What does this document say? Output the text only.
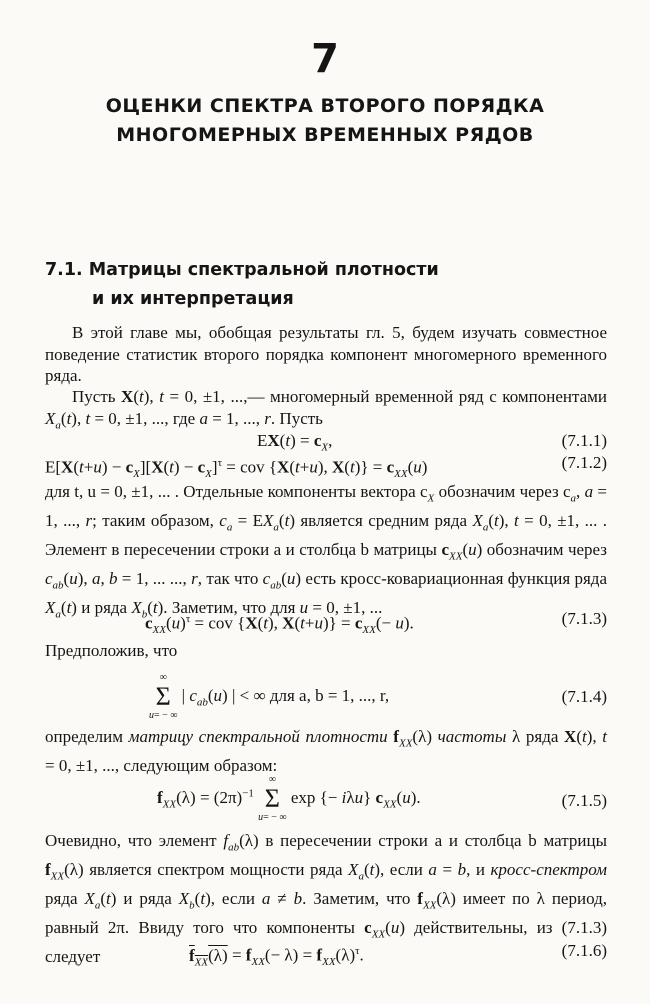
7
ОЦЕНКИ СПЕКТРА ВТОРОГО ПОРЯДКА
МНОГОМЕРНЫХ ВРЕМЕННЫХ РЯДОВ
7.1. Матрицы спектральной плотности
и их интерпретация
В этой главе мы, обобщая результаты гл. 5, будем изучать совместное поведение статистик второго порядка компонент многомерного временного ряда.
Пусть X(t), t = 0, ±1, ...,— многомерный временной ряд с компонентами $X_a(t)$, t = 0, ±1, ..., где a = 1, ..., r. Пусть
$EX(t) = c_X$,	(7.1.1)
$E[X(t+u) - c_X][X(t) - c_X]^\tau$ = cov {X(t+u), $X(t)\} = c_{XX}(u)$	(7.1.2)
для t, u = 0, ±1, ... . Отдельные компоненты вектора $c_X$ обозначим через $c_a$, a = 1, ..., r; таким образом, $c_a = EX_a(t)$ является средним ряда $X_a(t)$, t = 0, ±1, ... . Элемент в пересечении строки a и столбца b матрицы $c_{XX}(u)$ обозначим через $c_{ab}(u)$, a, b = 1, ... ..., r, так что $c_{ab}(u)$ есть кросс-ковариационная функция ряда $X_a(t)$ и ряда $X_b(t)$. Заметим, что для u = 0, ±1, ...
$c_{XX}(u)^\tau$ = cov {X(t), $X(t+u)\} = c_{XX}(- u)$.	(7.1.3)
Предположив, что
∞
Σ
u= − ∞
| $c_{ab}(u)$ | < ∞ для a, b = 1, ..., r,	(7.1.4)
определим матрицу спектральной плотности $f_{XX}(\lambda)$ частоты λ ряда X(t), t = 0, ±1, ..., следующим образом:
$f_{XX}(\lambda) = (2\pi)^{-1}$
∞
Σ
u= − ∞
exp {− iλu} $c_{XX}(u)$.	(7.1.5)
Очевидно, что элемент $f_{ab}(\lambda)$ в пересечении строки a и столбца b матрицы $f_{XX}(\lambda)$ является спектром мощности ряда $X_a(t)$, если a = b, и кросс-спектром ряда $X_a(t)$ и ряда $X_b(t)$, если a ≠ b. Заметим, что $f_{XX}(\lambda)$ имеет по λ период, равный 2π. Ввиду того что компоненты $c_{XX}(u)$ действительны, из (7.1.3) следует	$f_{XX}(\lambda) = f_{XX}(- \lambda) = f_{XX}(\lambda)^\tau$.	(7.1.6)
